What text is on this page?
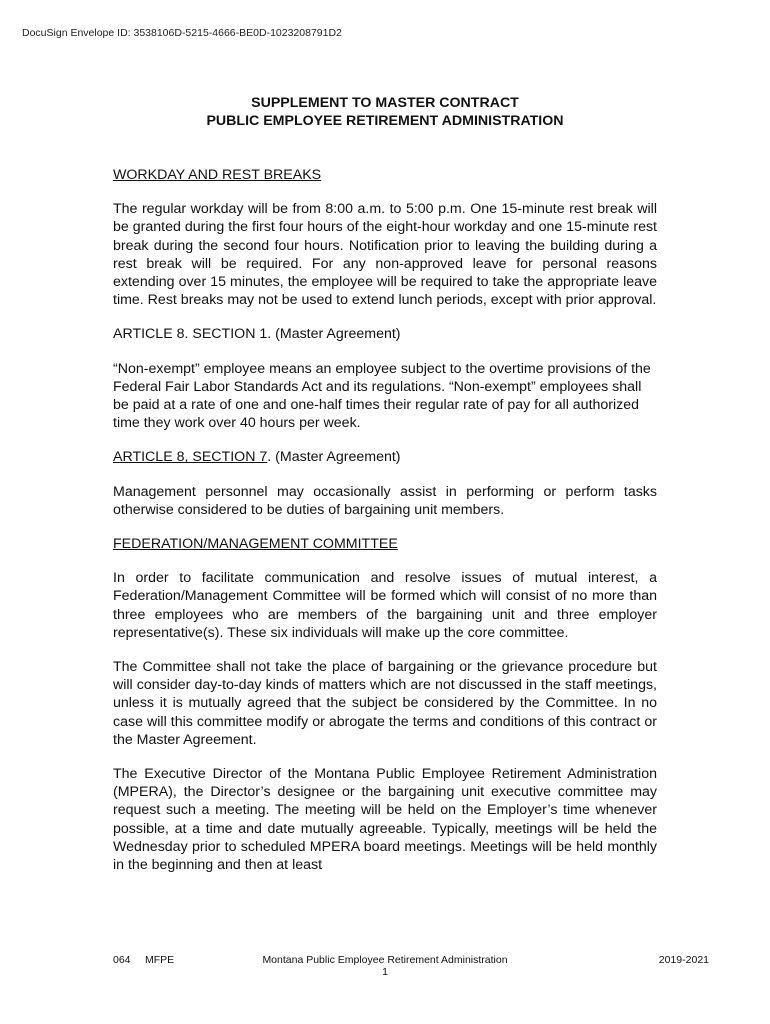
DocuSign Envelope ID: 3538106D-5215-4666-BE0D-1023208791D2
SUPPLEMENT TO MASTER CONTRACT
PUBLIC EMPLOYEE RETIREMENT ADMINISTRATION

WORKDAY AND REST BREAKS

The regular workday will be from 8:00 a.m. to 5:00 p.m. One 15-minute rest break will be granted during the first four hours of the eight-hour workday and one 15-minute rest break during the second four hours. Notification prior to leaving the building during a rest break will be required. For any non-approved leave for personal reasons extending over 15 minutes, the employee will be required to take the appropriate leave time. Rest breaks may not be used to extend lunch periods, except with prior approval.

ARTICLE 8. SECTION 1. (Master Agreement)

“Non-exempt” employee means an employee subject to the overtime provisions of the Federal Fair Labor Standards Act and its regulations. “Non-exempt” employees shall be paid at a rate of one and one-half times their regular rate of pay for all authorized time they work over 40 hours per week.

ARTICLE 8, SECTION 7. (Master Agreement)

Management personnel may occasionally assist in performing or perform tasks otherwise considered to be duties of bargaining unit members.

FEDERATION/MANAGEMENT COMMITTEE

In order to facilitate communication and resolve issues of mutual interest, a Federation/Management Committee will be formed which will consist of no more than three employees who are members of the bargaining unit and three employer representative(s). These six individuals will make up the core committee.

The Committee shall not take the place of bargaining or the grievance procedure but will consider day-to-day kinds of matters which are not discussed in the staff meetings, unless it is mutually agreed that the subject be considered by the Committee. In no case will this committee modify or abrogate the terms and conditions of this contract or the Master Agreement.

The Executive Director of the Montana Public Employee Retirement Administration (MPERA), the Director’s designee or the bargaining unit executive committee may request such a meeting. The meeting will be held on the Employer’s time whenever possible, at a time and date mutually agreeable. Typically, meetings will be held the Wednesday prior to scheduled MPERA board meetings. Meetings will be held monthly in the beginning and then at least

064 MFPE	Montana Public Employee Retirement Administration	2019-2021
1
